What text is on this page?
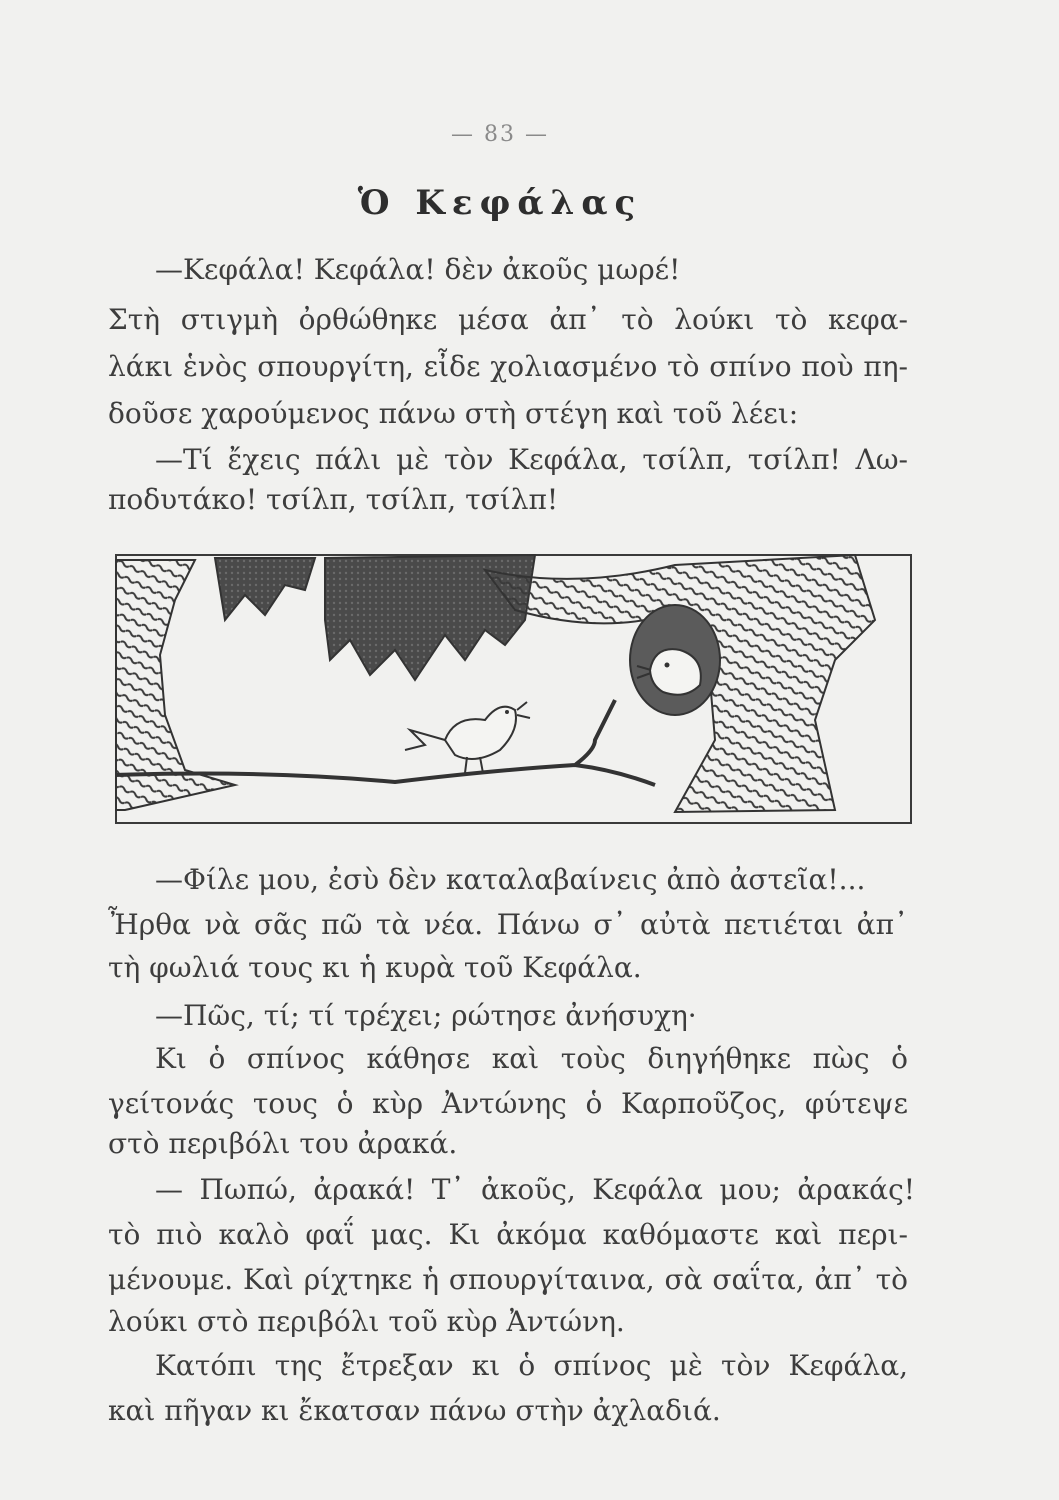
— 83 —
Ὁ Κεφάλας
—Κεφάλα! Κεφάλα! δὲν ἀκοῦς μωρέ!
Στὴ στιγμὴ ὀρθώθηκε μέσα ἀπ᾽ τὸ λούκι τὸ κεφα-
λάκι ἑνὸς σπουργίτη, εἶδε χολιασμένο τὸ σπίνο ποὺ πη-
δοῦσε χαρούμενος πάνω στὴ στέγη καὶ τοῦ λέει:
—Τί ἔχεις πάλι μὲ τὸν Κεφάλα, τσίλπ, τσίλπ! Λω-
ποδυτάκο! τσίλπ, τσίλπ, τσίλπ!
—Φίλε μου, ἐσὺ δὲν καταλαβαίνεις ἀπὸ ἀστεῖα!...
Ἦρθα νὰ σᾶς πῶ τὰ νέα. Πάνω σ᾽ αὐτὰ πετιέται ἀπ᾽
τὴ φωλιά τους κι ἡ κυρὰ τοῦ Κεφάλα.
—Πῶς, τί; τί τρέχει; ρώτησε ἀνήσυχη·
Κι ὁ σπίνος κάθησε καὶ τοὺς διηγήθηκε πὼς ὁ
γείτονάς τους ὁ κὺρ Ἀντώνης ὁ Καρποῦζος, φύτεψε
στὸ περιβόλι του ἀρακά.
— Πωπώ, ἀρακά! Τ᾽ ἀκοῦς, Κεφάλα μου; ἀρακάς!
τὸ πιὸ καλὸ φαΐ μας. Κι ἀκόμα καθόμαστε καὶ περι-
μένουμε. Καὶ ρίχτηκε ἡ σπουργίταινα, σὰ σαΐτα, ἀπ᾽ τὸ
λούκι στὸ περιβόλι τοῦ κὺρ Ἀντώνη.
Κατόπι της ἔτρεξαν κι ὁ σπίνος μὲ τὸν Κεφάλα,
καὶ πῆγαν κι ἔκατσαν πάνω στὴν ἀχλαδιά.
